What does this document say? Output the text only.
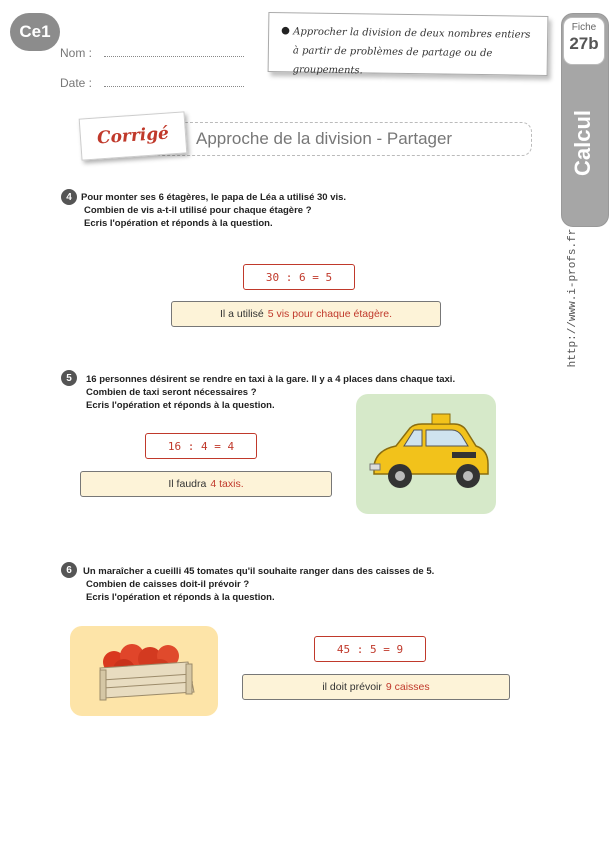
Ce1
Nom :
Date :
● Approcher la division de deux nombres entiers à partir de problèmes de partage ou de groupements.
Fiche
27b
Calcul
http://www.i-profs.fr
Approche de la division - Partager
Corrigé
4 Pour monter ses 6 étagères, le papa de Léa a utilisé 30 vis.
Combien de vis a-t-il utilisé pour chaque étagère ?
Ecris l'opération et réponds à la question.
30 : 6 = 5
Il a utilisé 5 vis pour chaque étagère.
5	16 personnes désirent se rendre en taxi à la gare. Il y a 4 places dans chaque taxi.
Combien de taxi seront nécessaires ?
Ecris l'opération et réponds à la question.
16 : 4 = 4
Il faudra 4 taxis.
6	Un maraîcher a cueilli 45 tomates qu'il souhaite ranger dans des caisses de 5.
Combien de caisses doit-il prévoir ?
Ecris l'opération et réponds à la question.
45 : 5 = 9
il doit prévoir 9 caisses
